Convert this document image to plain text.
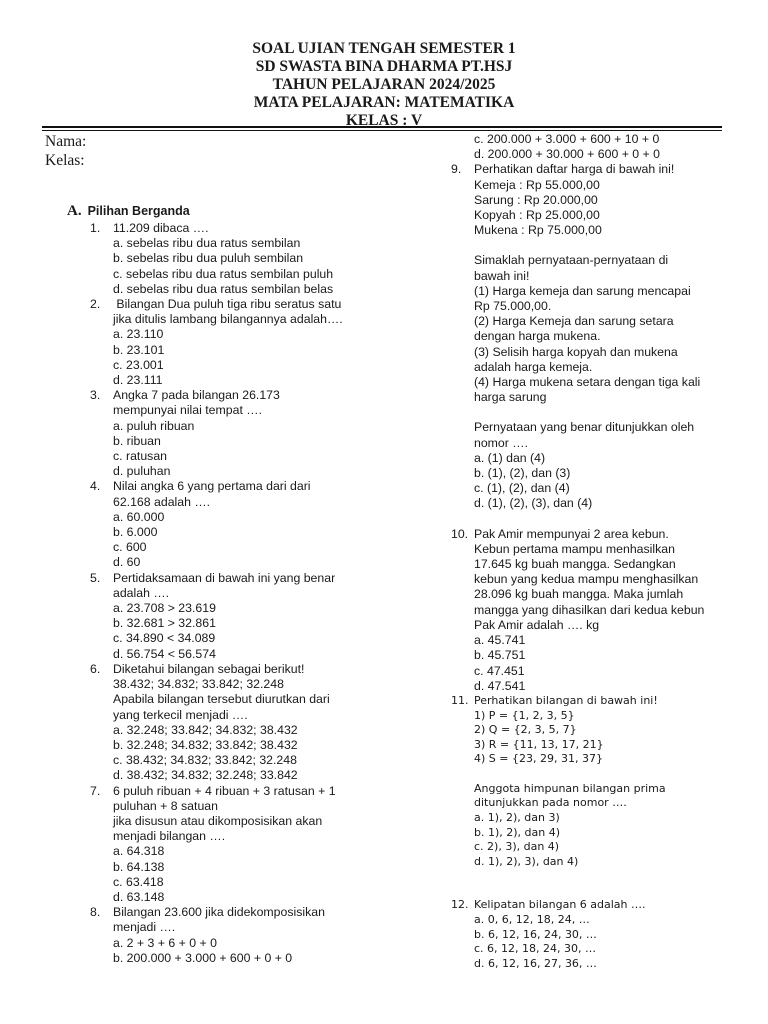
SOAL UJIAN TENGAH SEMESTER 1
SD SWASTA BINA DHARMA PT.HSJ
TAHUN PELAJARAN 2024/2025
MATA PELAJARAN: MATEMATIKA
KELAS : V
Nama:
Kelas:
A. Pilihan Berganda
1. 11.209 dibaca ….
a. sebelas ribu dua ratus sembilan
b. sebelas ribu dua puluh sembilan
c. sebelas ribu dua ratus sembilan puluh
d. sebelas ribu dua ratus sembilan belas
2. Bilangan Dua puluh tiga ribu seratus satu
jika ditulis lambang bilangannya adalah….
a. 23.110
b. 23.101
c. 23.001
d. 23.111
3. Angka 7 pada bilangan 26.173
mempunyai nilai tempat ….
a. puluh ribuan
b. ribuan
c. ratusan
d. puluhan
4. Nilai angka 6 yang pertama dari dari
62.168 adalah ….
a. 60.000
b. 6.000
c. 600
d. 60
5. Pertidaksamaan di bawah ini yang benar
adalah ….
a. 23.708 > 23.619
b. 32.681 > 32.861
c. 34.890 < 34.089
d. 56.754 < 56.574
6. Diketahui bilangan sebagai berikut!
38.432; 34.832; 33.842; 32.248
Apabila bilangan tersebut diurutkan dari
yang terkecil menjadi ….
a. 32.248; 33.842; 34.832; 38.432
b. 32.248; 34.832; 33.842; 38.432
c. 38.432; 34.832; 33.842; 32.248
d. 38.432; 34.832; 32.248; 33.842
7. 6 puluh ribuan + 4 ribuan + 3 ratusan + 1
puluhan + 8 satuan
jika disusun atau dikomposisikan akan
menjadi bilangan ….
a. 64.318
b. 64.138
c. 63.418
d. 63.148
8. Bilangan 23.600 jika didekomposisikan
menjadi ….
a. 2 + 3 + 6 + 0 + 0
b. 200.000 + 3.000 + 600 + 0 + 0
c. 200.000 + 3.000 + 600 + 10 + 0
d. 200.000 + 30.000 + 600 + 0 + 0
9. Perhatikan daftar harga di bawah ini!
Kemeja : Rp 55.000,00
Sarung : Rp 20.000,00
Kopyah : Rp 25.000,00
Mukena : Rp 75.000,00
Simaklah pernyataan-pernyataan di
bawah ini!
(1) Harga kemeja dan sarung mencapai
Rp 75.000,00.
(2) Harga Kemeja dan sarung setara
dengan harga mukena.
(3) Selisih harga kopyah dan mukena
adalah harga kemeja.
(4) Harga mukena setara dengan tiga kali
harga sarung
Pernyataan yang benar ditunjukkan oleh
nomor ….
a. (1) dan (4)
b. (1), (2), dan (3)
c. (1), (2), dan (4)
d. (1), (2), (3), dan (4)
10. Pak Amir mempunyai 2 area kebun.
Kebun pertama mampu menhasilkan
17.645 kg buah mangga. Sedangkan
kebun yang kedua mampu menghasilkan
28.096 kg buah mangga. Maka jumlah
mangga yang dihasilkan dari kedua kebun
Pak Amir adalah …. kg
a. 45.741
b. 45.751
c. 47.451
d. 47.541
11. Perhatikan bilangan di bawah ini!
1) P = {1, 2, 3, 5}
2) Q = {2, 3, 5, 7}
3) R = {11, 13, 17, 21}
4) S = {23, 29, 31, 37}
Anggota himpunan bilangan prima
ditunjukkan pada nomor ….
a. 1), 2), dan 3)
b. 1), 2), dan 4)
c. 2), 3), dan 4)
d. 1), 2), 3), dan 4)
12. Kelipatan bilangan 6 adalah ….
a. 0, 6, 12, 18, 24, …
b. 6, 12, 16, 24, 30, …
c. 6, 12, 18, 24, 30, …
d. 6, 12, 16, 27, 36, …
